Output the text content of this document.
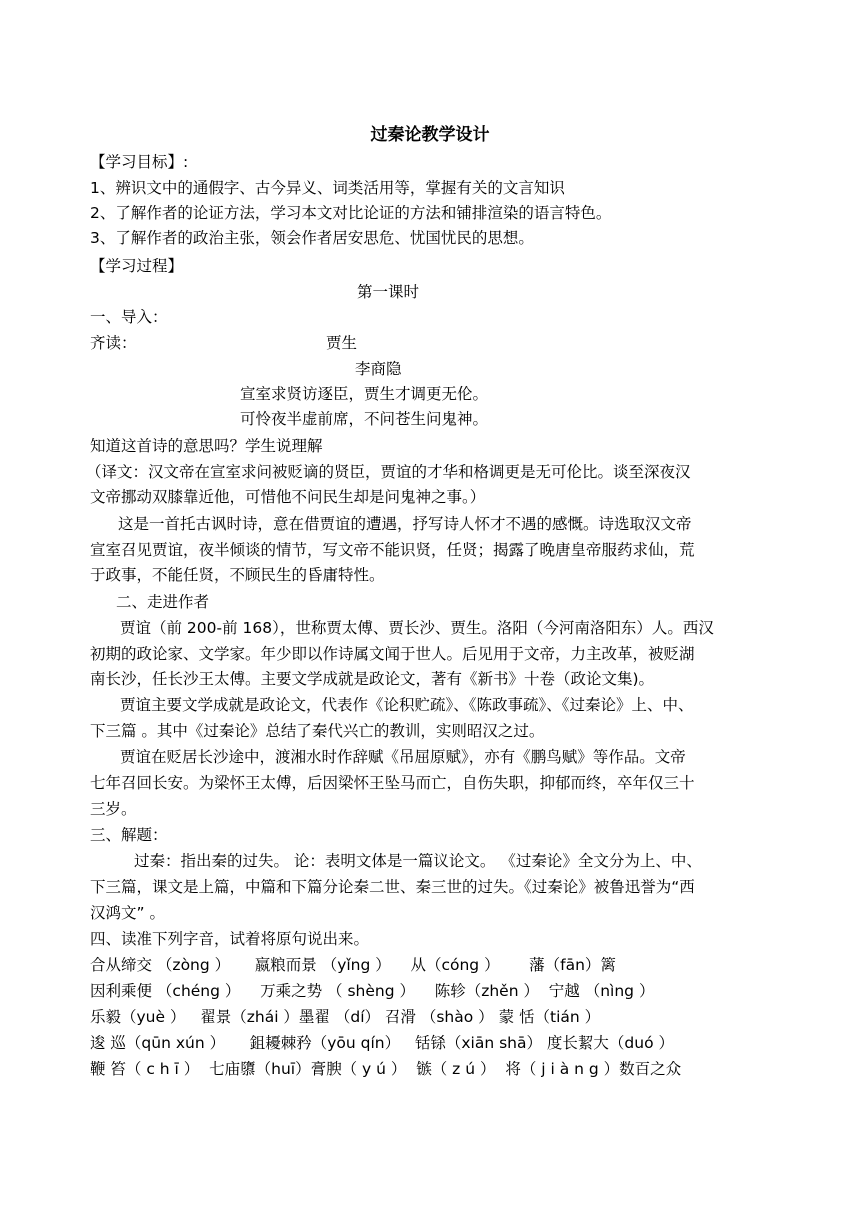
过秦论教学设计
【学习目标】:
1、辨识文中的通假字、古今异义、词类活用等，掌握有关的文言知识
2、了解作者的论证方法，学习本文对比论证的方法和铺排渲染的语言特色。
3、了解作者的政治主张，领会作者居安思危、忧国忧民的思想。
【学习过程】
第一课时
一、导入：
齐读：	贾生
李商隐
宣室求贤访逐臣，贾生才调更无伦。
可怜夜半虚前席，不问苍生问鬼神。
知道这首诗的意思吗？学生说理解
（译文：汉文帝在宣室求问被贬谪的贤臣，贾谊的才华和格调更是无可伦比。谈至深夜汉
文帝挪动双膝靠近他，可惜他不问民生却是问鬼神之事。）
这是一首托古讽时诗，意在借贾谊的遭遇，抒写诗人怀才不遇的感慨。诗选取汉文帝
宣室召见贾谊，夜半倾谈的情节，写文帝不能识贤，任贤；揭露了晚唐皇帝服药求仙，荒
于政事，不能任贤，不顾民生的昏庸特性。
二、走进作者
贾谊（前 200-前 168），世称贾太傅、贾长沙、贾生。洛阳（今河南洛阳东）人。西汉
初期的政论家、文学家。年少即以作诗属文闻于世人。后见用于文帝，力主改革，被贬湖
南长沙，任长沙王太傅。主要文学成就是政论文，著有《新书》十卷（政论文集)。
贾谊主要文学成就是政论文，代表作《论积贮疏》、《陈政事疏》、《过秦论》上、中、
下三篇 。其中《过秦论》总结了秦代兴亡的教训，实则昭汉之过。
贾谊在贬居长沙途中，渡湘水时作辞赋《吊屈原赋》，亦有《鹏鸟赋》等作品。文帝
七年召回长安。为梁怀王太傅，后因梁怀王坠马而亡，自伤失职，抑郁而终，卒年仅三十
三岁。
三、解题：
过秦：指出秦的过失。 论：表明文体是一篇议论文。 《过秦论》全文分为上、中、
下三篇，课文是上篇，中篇和下篇分论秦二世、秦三世的过失。《过秦论》被鲁迅誉为“西
汉鸿文” 。
四、读准下列字音，试着将原句说出来。
合从缔交 （zòng ）     嬴粮而景 （yǐng ）    从（cóng ）      藩（fān）篱
因利乘便 （chéng ）    万乘之势 （ shèng ）    陈轸（zhěn ）  宁越 （nìng ）
乐毅（yuè ）   翟景（zhái ）墨翟 （dí） 召滑 （shào ） 蒙 恬（tián ）
逡 巡（qūn xún ）     鉏耰棘矜（yōu qín）   铦铩（xiān shā） 度长絜大（duó ）
鞭 笞（ c h ī ）  七庙隳（huī）膏腴（ y ú ）  镞（ z ú ）  将（ j i à n g ）数百之众
